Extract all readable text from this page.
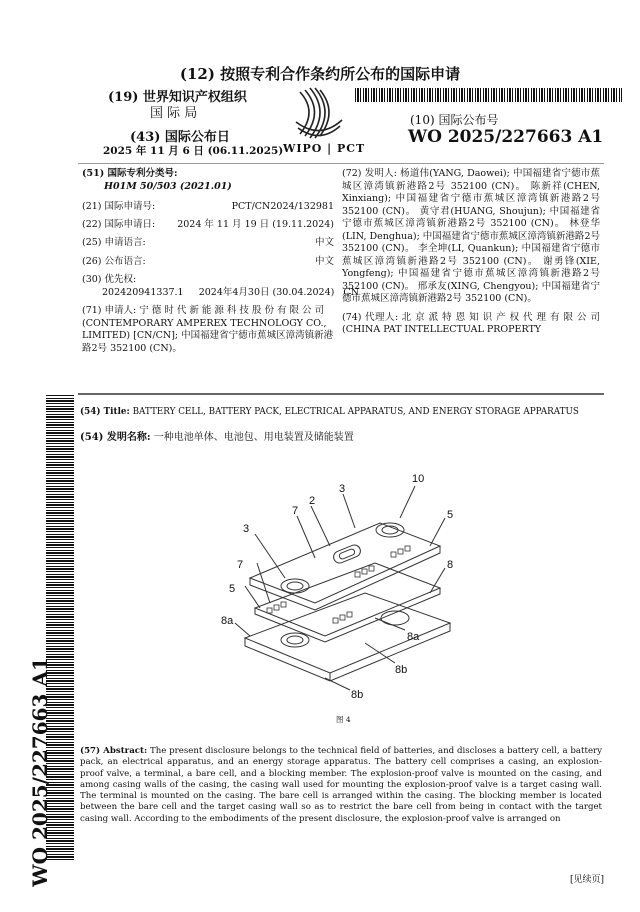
(12) 按照专利合作条约所公布的国际申请
(19) 世界知识产权组织
国 际 局
(43) 国际公布日
2025 年 11 月 6 日 (06.11.2025) WIPO | PCT
(10) 国际公布号
WO 2025/227663 A1
(51) 国际专利分类号:
H01M 50/503 (2021.01)
(21) 国际申请号:	PCT/CN2024/132981
(22) 国际申请日: 2024 年 11 月 19 日 (19.11.2024)
(25) 申请语言:	中文
(26) 公布语言:	中文
(30) 优先权:
202420941337.1     2024年4月30日 (30.04.2024)   CN
(71) 申请人: 宁 德 时 代 新 能 源 科 技 股 份 有 限 公 司 (CONTEMPORARY AMPEREX TECHNOLOGY CO., LIMITED) [CN/CN]; 中国福建省宁德市蕉城区漳湾镇新港路2号 352100 (CN)。
(72) 发明人: 杨道伟(YANG, Daowei); 中国福建省宁德市蕉城区漳湾镇新港路2号 352100 (CN)。 陈新祥(CHEN, Xinxiang); 中国福建省宁德市蕉城区漳湾镇新港路2号 352100 (CN)。 黄守君(HUANG, Shoujun); 中国福建省宁德市蕉城区漳湾镇新港路2号 352100 (CN)。 林登华(LIN, Denghua); 中国福建省宁德市蕉城区漳湾镇新港路2号 352100 (CN)。 李全坤(LI, Quankun); 中国福建省宁德市蕉城区漳湾镇新港路2号 352100 (CN)。 谢勇锋(XIE, Yongfeng); 中国福建省宁德市蕉城区漳湾镇新港路2号 352100 (CN)。 邢承友(XING, Chengyou); 中国福建省宁德市蕉城区漳湾镇新港路2号 352100 (CN)。
(74) 代理人: 北 京 派 特 恩 知 识 产 权 代 理 有 限 公 司 (CHINA PAT INTELLECTUAL PROPERTY
(54) Title: BATTERY CELL, BATTERY PACK, ELECTRICAL APPARATUS, AND ENERGY STORAGE APPARATUS
(54) 发明名称: 一种电池单体、电池包、用电装置及储能装置
WO 2025/227663 A1
10
3
2
7	5
3
7
5
8
8a
8a
8b
8b
图 4
(57) Abstract: The present disclosure belongs to the technical field of batteries, and discloses a battery cell, a battery pack, an electrical apparatus, and an energy storage apparatus. The battery cell comprises a casing, an explosion-proof valve, a terminal, a bare cell, and a blocking member. The explosion-proof valve is mounted on the casing, and among casing walls of the casing, the casing wall used for mounting the explosion-proof valve is a target casing wall. The terminal is mounted on the casing. The bare cell is arranged within the casing. The blocking member is located between the bare cell and the target casing wall so as to restrict the bare cell from being in contact with the target casing wall. According to the embodiments of the present disclosure, the explosion-proof valve is arranged on
[见续页]
